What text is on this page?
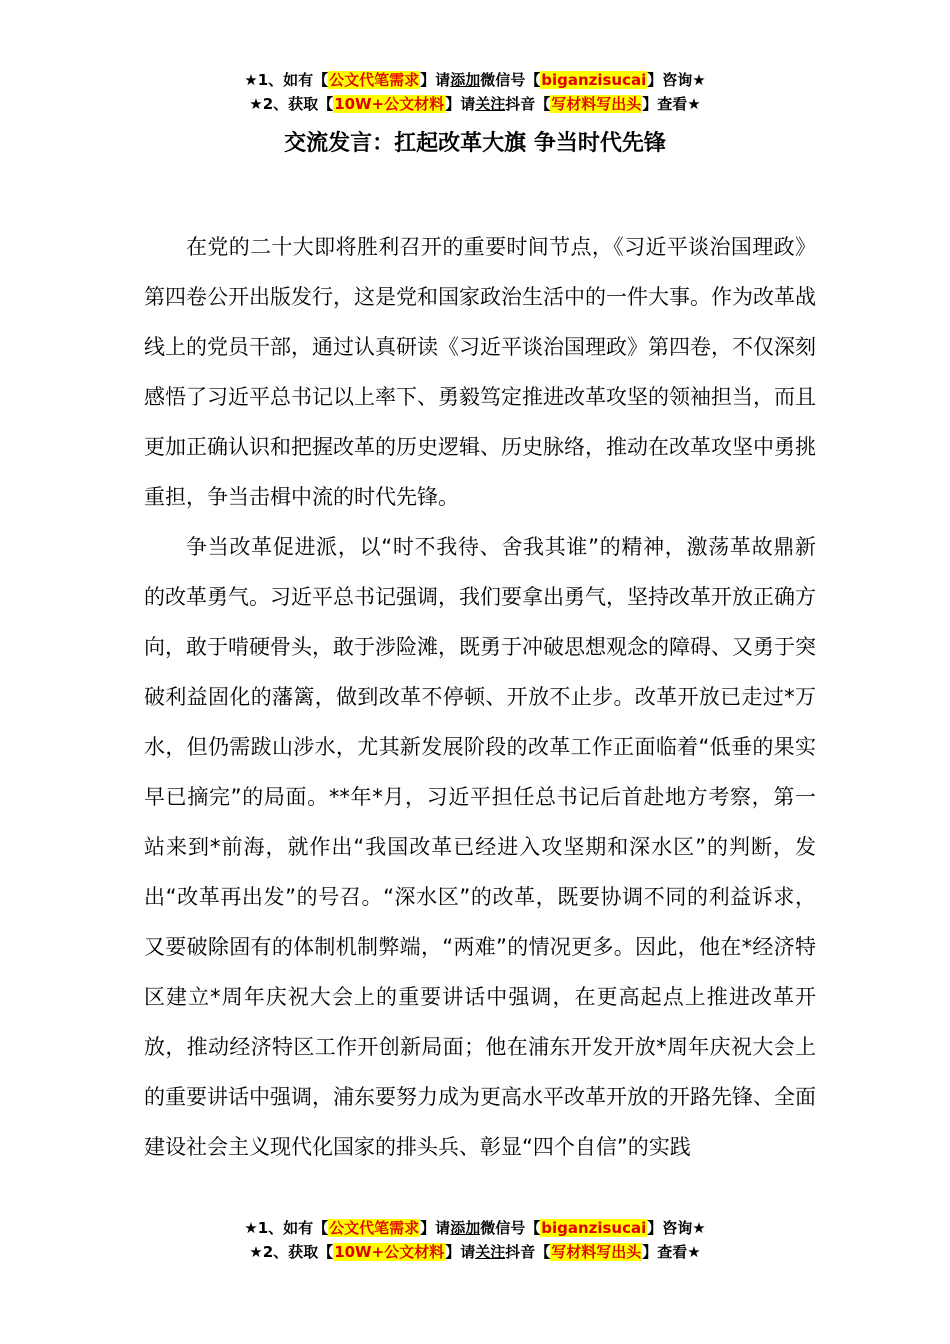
★1、如有【公文代笔需求】请添加微信号【biganzisucai】咨询★
★2、获取【10W+公文材料】请关注抖音【写材料写出头】查看★
交流发言：扛起改革大旗 争当时代先锋

在党的二十大即将胜利召开的重要时间节点，《习近平谈治国理政》第四卷公开出版发行，这是党和国家政治生活中的一件大事。作为改革战线上的党员干部，通过认真研读《习近平谈治国理政》第四卷，不仅深刻感悟了习近平总书记以上率下、勇毅笃定推进改革攻坚的领袖担当，而且更加正确认识和把握改革的历史逻辑、历史脉络，推动在改革攻坚中勇挑重担，争当击楫中流的时代先锋。

争当改革促进派，以“时不我待、舍我其谁”的精神，激荡革故鼎新的改革勇气。习近平总书记强调，我们要拿出勇气，坚持改革开放正确方向，敢于啃硬骨头，敢于涉险滩，既勇于冲破思想观念的障碍、又勇于突破利益固化的藩篱，做到改革不停顿、开放不止步。改革开放已走过*万水，但仍需跋山涉水，尤其新发展阶段的改革工作正面临着“低垂的果实早已摘完”的局面。**年*月，习近平担任总书记后首赴地方考察，第一站来到*前海，就作出“我国改革已经进入攻坚期和深水区”的判断，发出“改革再出发”的号召。“深水区”的改革，既要协调不同的利益诉求，又要破除固有的体制机制弊端，“两难”的情况更多。因此，他在*经济特区建立*周年庆祝大会上的重要讲话中强调，在更高起点上推进改革开放，推动经济特区工作开创新局面；他在浦东开发开放*周年庆祝大会上的重要讲话中强调，浦东要努力成为更高水平改革开放的开路先锋、全面建设社会主义现代化国家的排头兵、彰显“四个自信”的实践

★1、如有【公文代笔需求】请添加微信号【biganzisucai】咨询★
★2、获取【10W+公文材料】请关注抖音【写材料写出头】查看★
